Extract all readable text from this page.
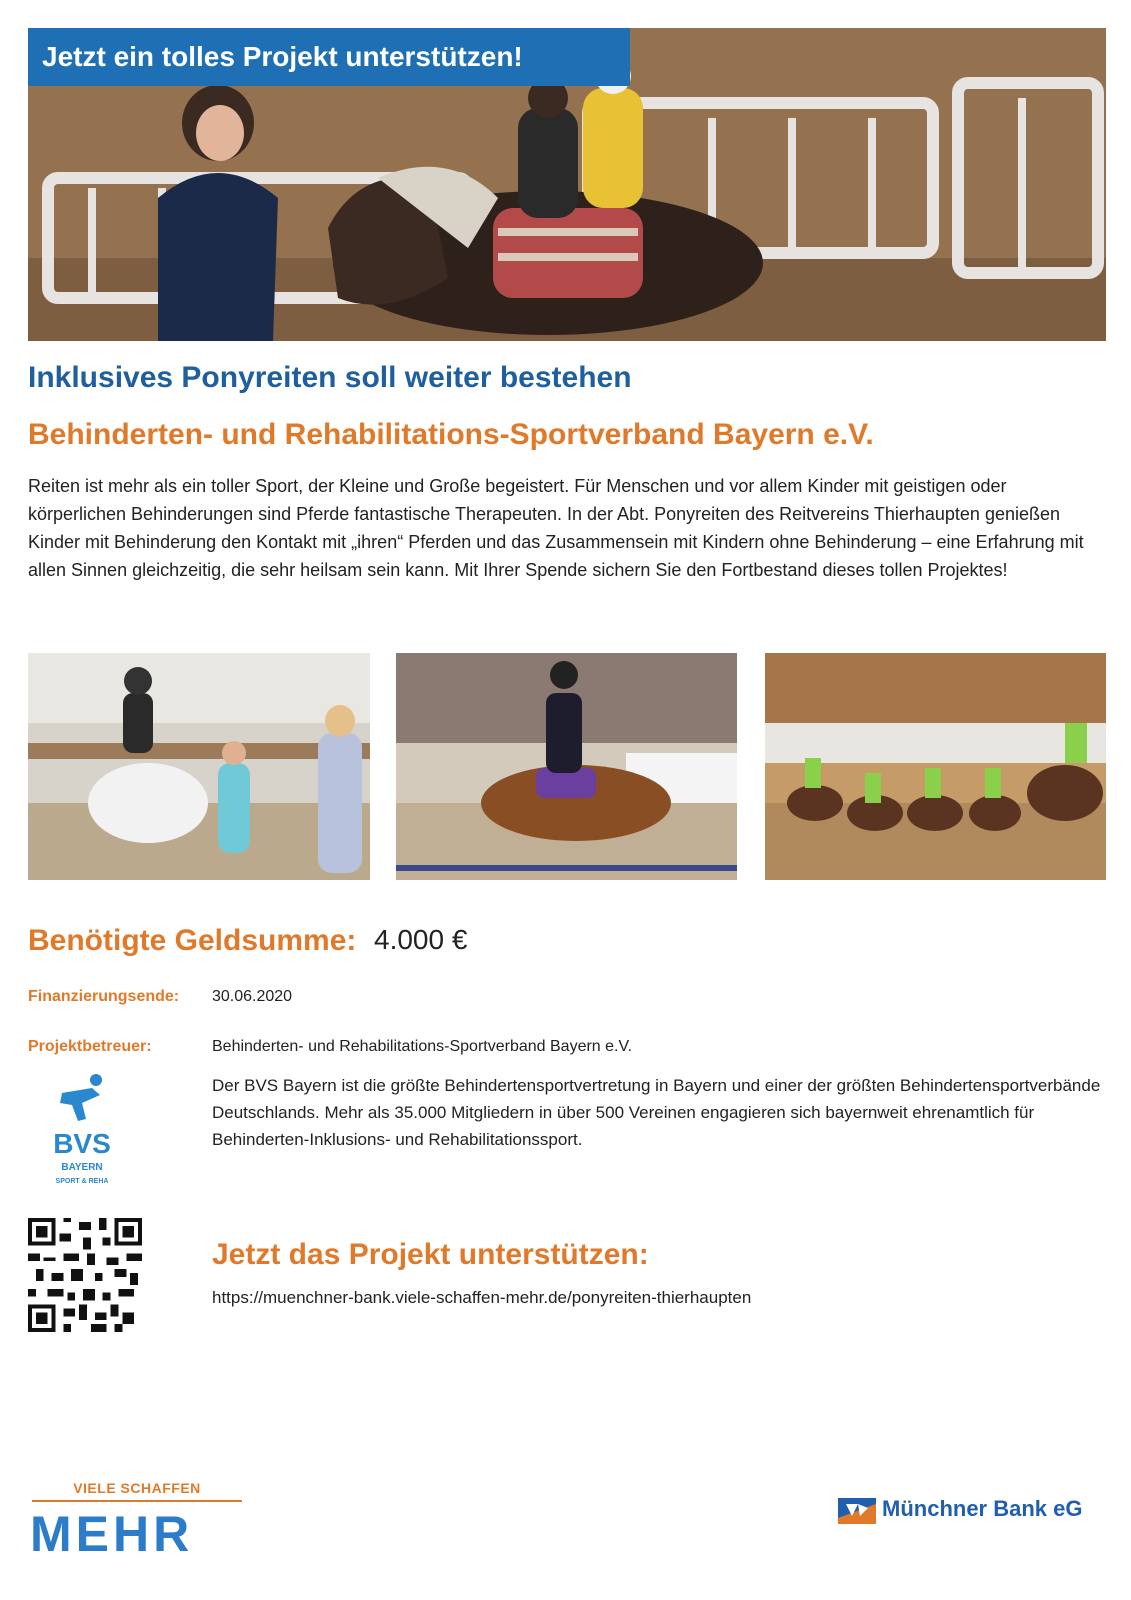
Jetzt ein tolles Projekt unterstützen!
Inklusives Ponyreiten soll weiter bestehen
Behinderten- und Rehabilitations-Sportverband Bayern e.V.

Reiten ist mehr als ein toller Sport, der Kleine und Große begeistert. Für Menschen und vor allem Kinder mit geistigen oder körperlichen Behinderungen sind Pferde fantastische Therapeuten. In der Abt. Ponyreiten des Reitvereins Thierhaupten genießen Kinder mit Behinderung den Kontakt mit „ihren“ Pferden und das Zusammensein mit Kindern ohne Behinderung – eine Erfahrung mit allen Sinnen gleichzeitig, die sehr heilsam sein kann. Mit Ihrer Spende sichern Sie den Fortbestand dieses tollen Projektes!

Benötigte Geldsumme: 4.000 €
Finanzierungsende: 30.06.2020
Projektbetreuer:	Behinderten- und Rehabilitations-Sportverband Bayern e.V.

Der BVS Bayern ist die größte Behindertensportvertretung in Bayern und einer der größten Behindertensportverbände Deutschlands. Mehr als 35.000 Mitgliedern in über 500 Vereinen engagieren sich bayernweit ehrenamtlich für Behinderten-Inklusions- und Rehabilitationssport.

BVS
BAYERN
SPORT & REHA
Jetzt das Projekt unterstützen:
https://muenchner-bank.viele-schaffen-mehr.de/ponyreiten-thierhaupten
VIELE SCHAFFEN
MEHR	Münchner Bank eG
